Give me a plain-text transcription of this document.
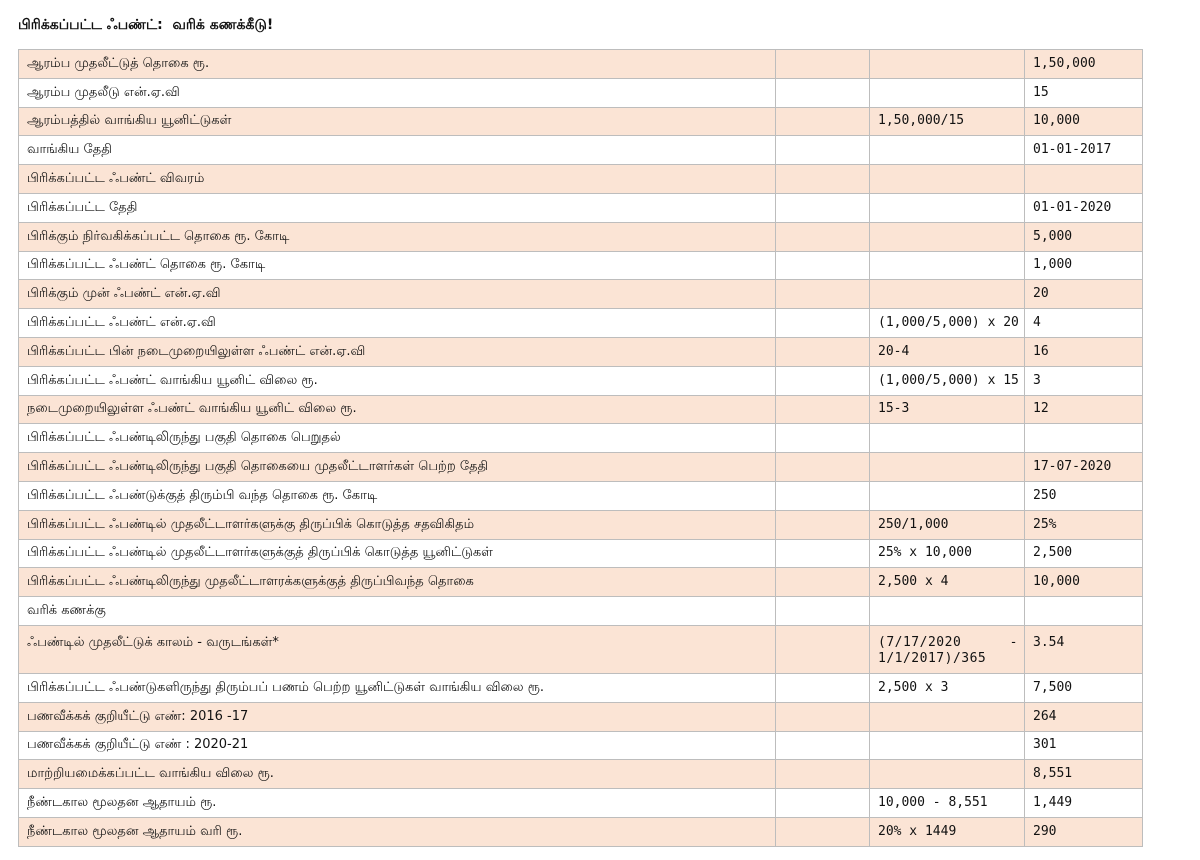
பிரிக்கப்பட்ட ஃபண்ட்:  வரிக் கணக்கீடு!
ஆரம்ப முதலீட்டுத் தொகை ரூ.			1,50,000
ஆரம்ப முதலீடு என்.ஏ.வி			15
ஆரம்பத்தில் வாங்கிய யூனிட்டுகள்		1,50,000/15	10,000
வாங்கிய தேதி			01-01-2017
பிரிக்கப்பட்ட ஃபண்ட் விவரம்			
பிரிக்கப்பட்ட தேதி			01-01-2020
பிரிக்கும் நிர்வகிக்கப்பட்ட தொகை ரூ. கோடி			5,000
பிரிக்கப்பட்ட ஃபண்ட் தொகை ரூ. கோடி			1,000
பிரிக்கும் முன் ஃபண்ட் என்.ஏ.வி			20
பிரிக்கப்பட்ட ஃபண்ட் என்.ஏ.வி		(1,000/5,000) x 20	4
பிரிக்கப்பட்ட பின் நடைமுறையிலுள்ள ஃபண்ட் என்.ஏ.வி		20-4	16
பிரிக்கப்பட்ட ஃபண்ட் வாங்கிய யூனிட் விலை ரூ.		(1,000/5,000) x 15	3
நடைமுறையிலுள்ள ஃபண்ட் வாங்கிய யூனிட் விலை ரூ.		15-3	12
பிரிக்கப்பட்ட ஃபண்டிலிருந்து பகுதி தொகை பெறுதல்			
பிரிக்கப்பட்ட ஃபண்டிலிருந்து பகுதி தொகையை முதலீட்டாளர்கள் பெற்ற தேதி			17-07-2020
பிரிக்கப்பட்ட ஃபண்டுக்குத் திரும்பி வந்த தொகை ரூ. கோடி			250
பிரிக்கப்பட்ட ஃபண்டில் முதலீட்டாளர்களுக்கு திருப்பிக் கொடுத்த சதவிகிதம்		250/1,000	25%
பிரிக்கப்பட்ட ஃபண்டில் முதலீட்டாளர்களுக்குத் திருப்பிக் கொடுத்த யூனிட்டுகள்		25% x 10,000	2,500
பிரிக்கப்பட்ட ஃபண்டிலிருந்து முதலீட்டாளரக்களுக்குத் திருப்பிவந்த தொகை		2,500 x 4	10,000
வரிக் கணக்கு			
ஃபண்டில் முதலீட்டுக் காலம் - வருடங்கள்*		(7/17/2020 - 1/1/2017)/365	3.54
பிரிக்கப்பட்ட ஃபண்டுகளிருந்து திரும்பப் பணம் பெற்ற யூனிட்டுகள் வாங்கிய விலை ரூ.		2,500 x 3	7,500
பணவீக்கக் குறியீட்டு எண்: 2016 -17			264
பணவீக்கக் குறியீட்டு எண் : 2020-21			301
மாற்றியமைக்கப்பட்ட வாங்கிய விலை ரூ.			8,551
நீண்டகால மூலதன ஆதாயம் ரூ.		10,000 - 8,551	1,449
நீண்டகால மூலதன ஆதாயம் வரி ரூ.		20% x 1449	290
